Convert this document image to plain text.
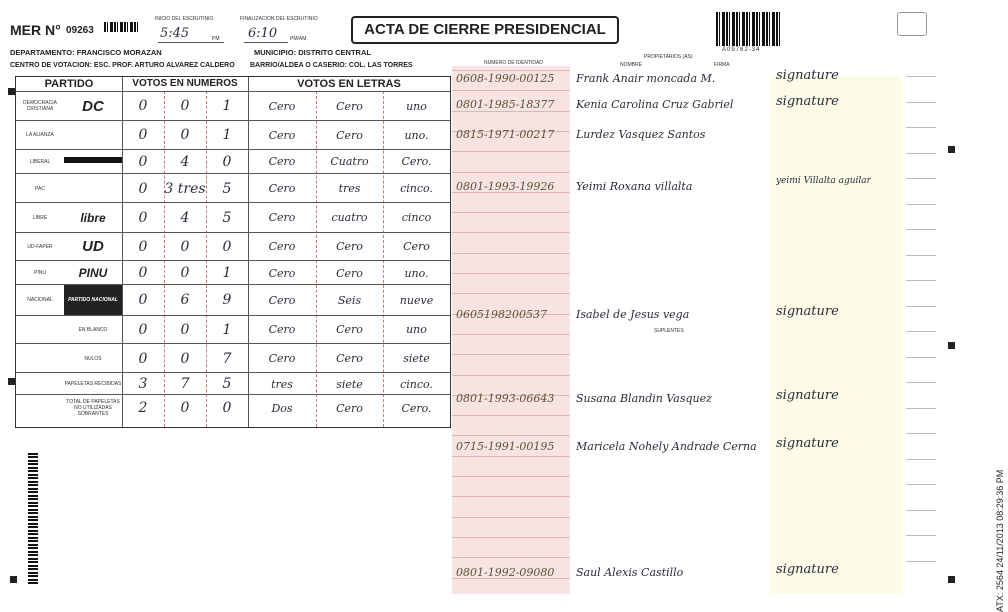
MER N° 09263
INICIO DEL ESCRUTINIO
5:45	PM
FINALIZACION DEL ESCRUTINIO
6:10	PM/AM
ACTA DE CIERRE PRESIDENCIAL
A09762-34
DEPARTAMENTO: FRANCISCO MORAZAN	MUNICIPIO: DISTRITO CENTRAL
CENTRO DE VOTACION: ESC. PROF. ARTURO ALVAREZ CALDERO BARRIO/ALDEA O CASERIO: COL. LAS TORRES	NUMERO DE IDENTIDAD
PROPIETARIOS (AS)
NOMBRE	FIRMA
PARTIDO	VOTOS EN NUMEROS	VOTOS EN LETRAS
DEMOCRACIA CRISTIANA	DC	0	0	1	Cero	Cero	uno
LA ALIANZA	0	0	1	Cero	Cero	uno.
LIBERAL	0	4	0	Cero	Cuatro	Cero.
PAC	0	3 tres	5	Cero	tres	cinco.
LIBRE	libre	0	4	5	Cero	cuatro	cinco
UD-FAPER	UD	0	0	0	Cero	Cero	Cero
PINU	PINU	0	0	1	Cero	Cero	uno.
NACIONAL	PARTIDO NACIONAL	0	6	9	Cero	Seis	nueve
EN BLANCO	0	0	1	Cero	Cero	uno
NULOS	0	0	7	Cero	Cero	siete
PAPELETAS RECIBIDAS	3	7	5	tres	siete	cinco.
TOTAL DE PAPELETAS NO UTILIZADAS SOBRANTES	2	0	0	Dos	Cero	Cero.
SUPLENTES
0608-1990-00125 Frank Anair moncada M.	signature
0801-1985-18377 Kenia Carolina Cruz Gabriel	signature
0815-1971-00217 Lurdez Vasquez Santos
0801-1993-19926 Yeimi Roxana villalta	yeimi Villalta aguilar
0605198200537	Isabel de Jesus vega	signature
0801-1993-06643 Susana Blandin Vasquez	signature
0715-1991-00195 Maricela Nohely Andrade Cerna signature
0801-1992-09080 Saul Alexis Castillo	signature	ATX: 2564 24/11/2013 08:29:36 PM
